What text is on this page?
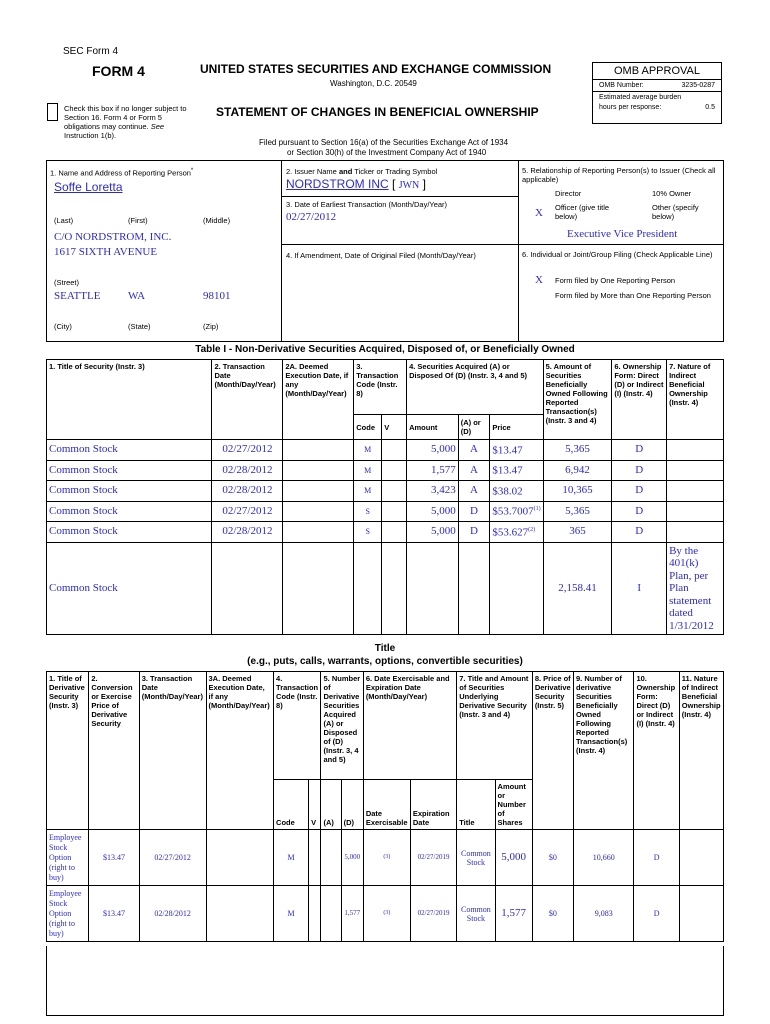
SEC Form 4
FORM 4	UNITED STATES SECURITIES AND EXCHANGE COMMISSION
Washington, D.C. 20549
STATEMENT OF CHANGES IN BENEFICIAL OWNERSHIP
Check this box if no longer subject to Section 16. Form 4 or Form 5 obligations may continue. See Instruction 1(b).
Filed pursuant to Section 16(a) of the Securities Exchange Act of 1934
or Section 30(h) of the Investment Company Act of 1940
OMB APPROVAL
OMB Number:	3235-0287
Estimated average burden
hours per response:	0.5
1. Name and Address of Reporting Person*
Soffe Loretta
(Last)	(First)	(Middle)
C/O NORDSTROM, INC.
1617 SIXTH AVENUE
(Street)
SEATTLE	WA	98101
(City)	(State)	(Zip)
2. Issuer Name and Ticker or Trading Symbol
NORDSTROM INC [ JWN ]
3. Date of Earliest Transaction (Month/Day/Year)
02/27/2012
4. If Amendment, Date of Original Filed (Month/Day/Year)
5. Relationship of Reporting Person(s) to Issuer (Check all applicable)
Director	10% Owner
X Officer (give title below)
Other (specify below)
Executive Vice President
6. Individual or Joint/Group Filing (Check Applicable Line)
X Form filed by One Reporting Person
Form filed by More than One Reporting Person
Table I - Non-Derivative Securities Acquired, Disposed of, or Beneficially Owned
1. Title of Security (Instr. 3)	2. Transaction Date (Month/Day/Year)	2A. Deemed Execution Date, if any (Month/Day/Year)	3. Transaction Code (Instr. 8)		4. Securities Acquired (A) or Disposed Of (D) (Instr. 3, 4 and 5)			5. Amount of Securities Beneficially Owned Following Reported Transaction(s) (Instr. 3 and 4)	6. Ownership Form: Direct (D) or Indirect (I) (Instr. 4)	7. Nature of Indirect Beneficial Ownership (Instr. 4)
			Code	V	Amount	(A) or (D)	Price			
Common Stock	02/27/2012		M		5,000	A	$13.47	5,365	D	
Common Stock	02/28/2012		M		1,577	A	$13.47	6,942	D	
Common Stock	02/28/2012		M		3,423	A	$38.02	10,365	D	
Common Stock	02/27/2012		S		5,000	D	$53.7007$^{(1)}$	5,365	D	
Common Stock	02/28/2012		S		5,000	D	$53.627$^{(2)}$	365	D	
Common Stock								2,158.41	I	By the 401(k) Plan, per Plan statement dated 1/31/2012
Title
(e.g., puts, calls, warrants, options, convertible securities)
1. Title of Derivative Security (Instr. 3)	2. Conversion or Exercise Price of Derivative Security	3. Transaction Date (Month/Day/Year)	3A. Deemed Execution Date, if any (Month/Day/Year)	4. Transaction Code (Instr. 8)		5. Number of Derivative Securities Acquired (A) or Disposed of (D) (Instr. 3, 4 and 5)		6. Date Exercisable and Expiration Date (Month/Day/Year)		7. Title and Amount of Securities Underlying Derivative Security (Instr. 3 and 4)		8. Price of Derivative Security (Instr. 5)	9. Number of derivative Securities Beneficially Owned Following Reported Transaction(s) (Instr. 4)	10. Ownership Form: Direct (D) or Indirect (I) (Instr. 4)	11. Nature of Indirect Beneficial Ownership (Instr. 4)
				Code	V	(A)	(D)	Date Exercisable	Expiration Date	Title	Amount or Number of Shares				
Employee Stock Option (right to buy)	$13.47	02/27/2012		M			5,000	(3)	02/27/2019	Common Stock	5,000	$0	10,660	D	
Employee Stock Option (right to buy)	$13.47	02/28/2012		M			1,577	(3)	02/27/2019	Common Stock	1,577	$0	9,083	D	
